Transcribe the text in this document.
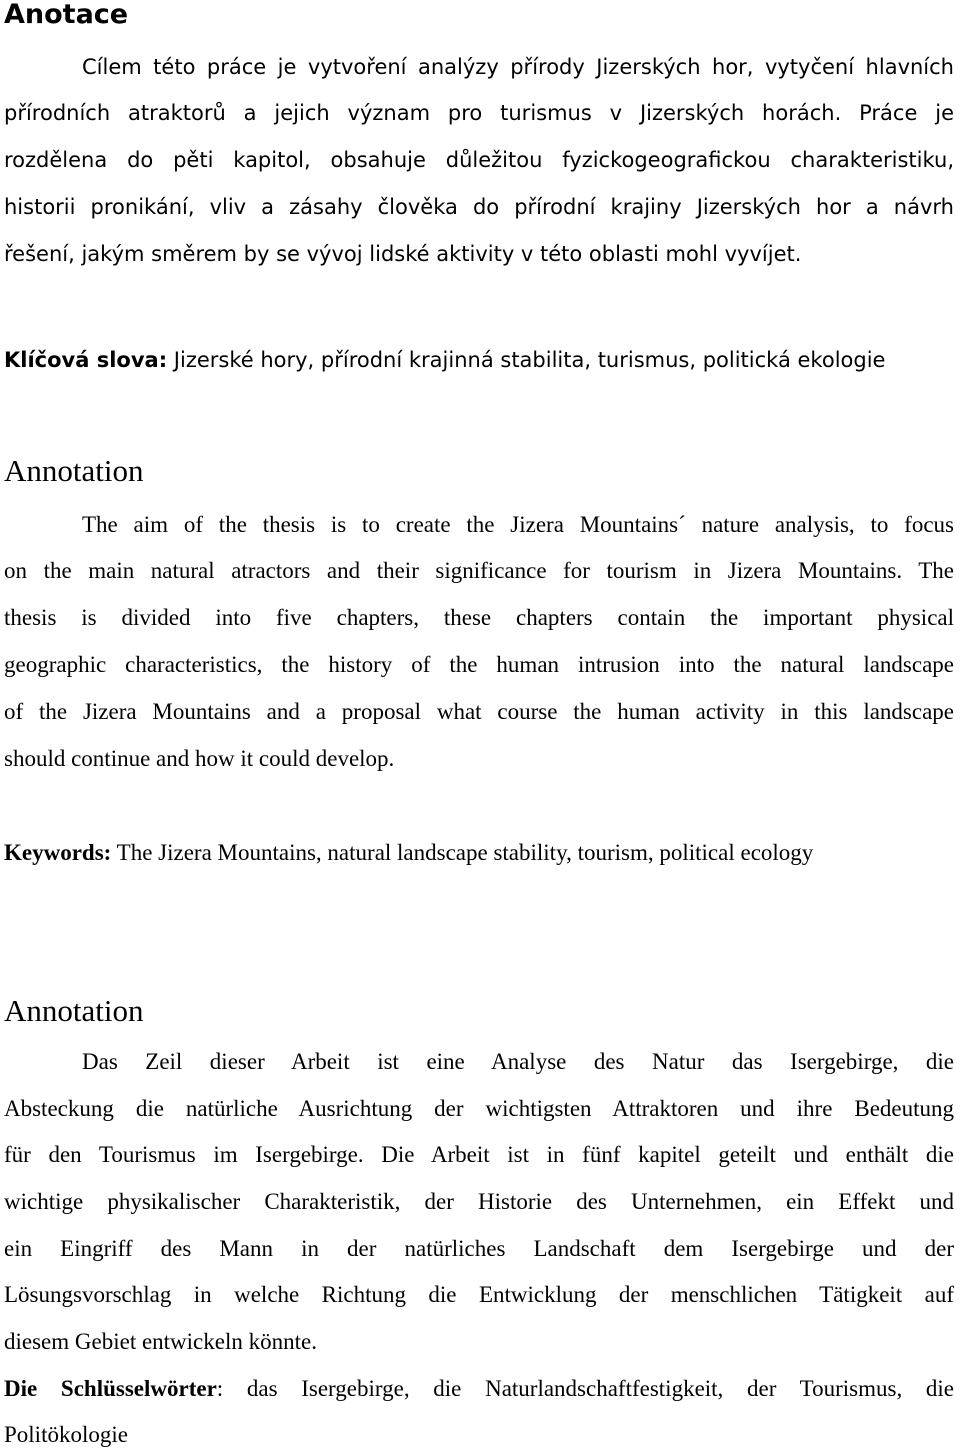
Anotace

Cílem této práce je vytvoření analýzy přírody Jizerských hor, vytyčení hlavních

přírodních atraktorů a jejich význam pro turismus v Jizerských horách. Práce je

rozdělena do pěti kapitol, obsahuje důležitou fyzickogeografickou charakteristiku,

historii pronikání, vliv a zásahy člověka do přírodní krajiny Jizerských hor a návrh

řešení, jakým směrem by se vývoj lidské aktivity v této oblasti mohl vyvíjet.

Klíčová slova: Jizerské hory, přírodní krajinná stabilita, turismus, politická ekologie

Annotation

The aim of the thesis is to create the Jizera Mountains´ nature analysis, to focus

on the main natural atractors and their significance for tourism in Jizera Mountains. The

thesis is divided into five chapters, these chapters contain the important physical

geographic characteristics, the history of the human intrusion into the natural landscape

of the Jizera Mountains and a proposal what course the human activity in this landscape

should continue and how it could develop.

Keywords: The Jizera Mountains, natural landscape stability, tourism, political ecology

Annotation

Das Zeil dieser Arbeit ist eine Analyse des Natur das Isergebirge, die

Absteckung die natürliche Ausrichtung der wichtigsten Attraktoren und ihre Bedeutung

für den Tourismus im Isergebirge. Die Arbeit ist in fünf kapitel geteilt und enthält die

wichtige physikalischer Charakteristik, der Historie des Unternehmen, ein Effekt und

ein Eingriff des Mann in der natürliches Landschaft dem Isergebirge und der

Lösungsvorschlag in welche Richtung die Entwicklung der menschlichen Tätigkeit auf

diesem Gebiet entwickeln könnte.

Die Schlüsselwörter: das Isergebirge, die Naturlandschaftfestigkeit, der Tourismus, die

Politökologie
